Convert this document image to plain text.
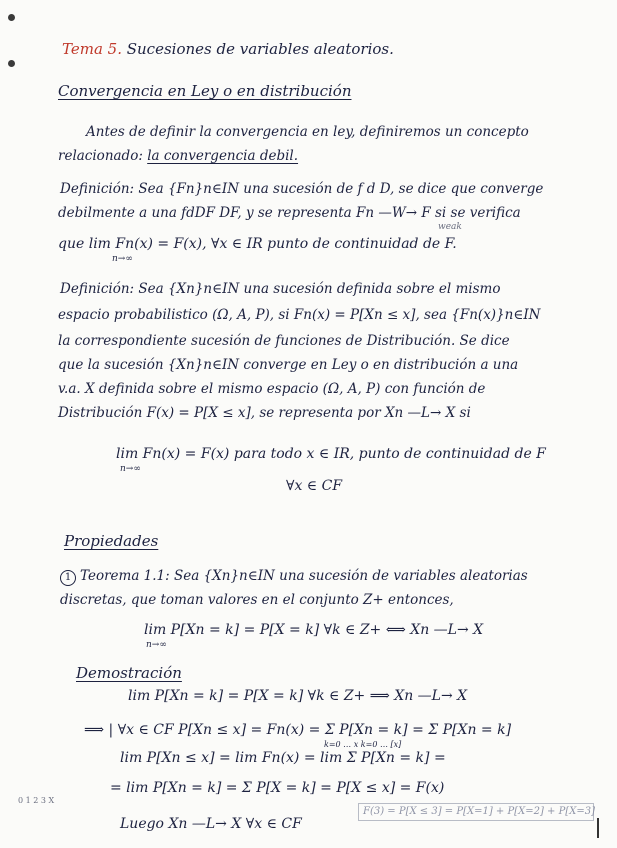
Tema 5. Sucesiones de variables aleatorios.
Convergencia en Ley o en distribución
Antes de definir la convergencia en ley, definiremos un concepto
relacionado: la convergencia debil.
Definición: Sea {Fn}n∈IN una sucesión de f d D, se dice que converge
debilmente a una fdDF DF, y se representa Fn —W→ F si se verifica
weak
que lim Fn(x) = F(x), ∀x ∈ IR punto de continuidad de F.
n→∞
Definición: Sea {Xn}n∈IN una sucesión definida sobre el mismo
espacio probabilistico (Ω, A, P), si Fn(x) = P[Xn ≤ x], sea {Fn(x)}n∈IN
la correspondiente sucesión de funciones de Distribución. Se dice
que la sucesión {Xn}n∈IN converge en Ley o en distribución a una
v.a. X definida sobre el mismo espacio (Ω, A, P) con función de
Distribución F(x) = P[X ≤ x], se representa por Xn —L→ X si
lim Fn(x) = F(x) para todo x ∈ IR, punto de continuidad de F
n→∞
∀x ∈ CF
Propiedades
1 Teorema 1.1: Sea {Xn}n∈IN una sucesión de variables aleatorias
discretas, que toman valores en el conjunto Z+ entonces,
lim P[Xn = k] = P[X = k] ∀k ∈ Z+ ⟺ Xn —L→ X
n→∞
Demostración
lim P[Xn = k] = P[X = k] ∀k ∈ Z+ ⟹ Xn —L→ X
⟹ | ∀x ∈ CF P[Xn ≤ x] = Fn(x) = Σ P[Xn = k] = Σ P[Xn = k]
k=0 … x k=0 … [x]
lim P[Xn ≤ x] = lim Fn(x) = lim Σ P[Xn = k] =
= lim P[Xn = k] = Σ P[X = k] = P[X ≤ x] = F(x)
Luego Xn —L→ X ∀x ∈ CF
F(3) = P[X ≤ 3] = P[X=1] + P[X=2] + P[X=3]
0 1 2 3 X
